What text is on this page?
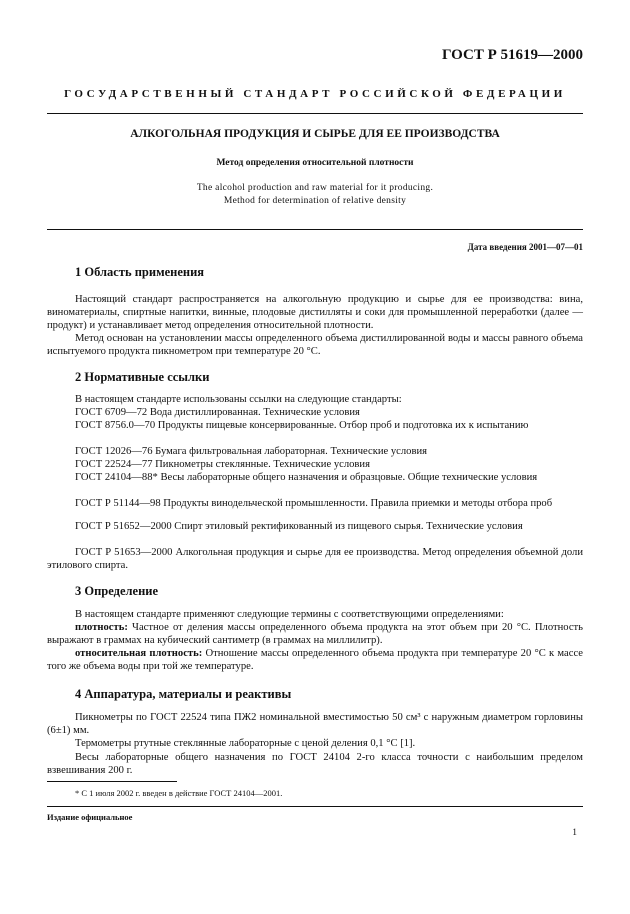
ГОСТ Р 51619—2000
ГОСУДАРСТВЕННЫЙ СТАНДАРТ РОССИЙСКОЙ ФЕДЕРАЦИИ
АЛКОГОЛЬНАЯ ПРОДУКЦИЯ И СЫРЬЕ ДЛЯ ЕЕ ПРОИЗВОДСТВА
Метод определения относительной плотности
The alcohol production and raw material for it producing.
Method for determination of relative density
Дата введения 2001—07—01
1 Область применения
Настоящий стандарт распространяется на алкогольную продукцию и сырье для ее производства: вина, виноматериалы, спиртные напитки, винные, плодовые дистилляты и соки для промышленной переработки (далее — продукт) и устанавливает метод определения относительной плотности.
Метод основан на установлении массы определенного объема дистиллированной воды и массы равного объема испытуемого продукта пикнометром при температуре 20 °С.
2 Нормативные ссылки
В настоящем стандарте использованы ссылки на следующие стандарты:
ГОСТ 6709—72 Вода дистиллированная. Технические условия
ГОСТ 8756.0—70 Продукты пищевые консервированные. Отбор проб и подготовка их к испытанию
ГОСТ 12026—76 Бумага фильтровальная лабораторная. Технические условия
ГОСТ 22524—77 Пикнометры стеклянные. Технические условия
ГОСТ 24104—88* Весы лабораторные общего назначения и образцовые. Общие технические условия
ГОСТ Р 51144—98 Продукты винодельческой промышленности. Правила приемки и методы отбора проб
ГОСТ Р 51652—2000 Спирт этиловый ректификованный из пищевого сырья. Технические условия
ГОСТ Р 51653—2000 Алкогольная продукция и сырье для ее производства. Метод определения объемной доли этилового спирта.
3 Определение
В настоящем стандарте применяют следующие термины с соответствующими определениями:
плотность: Частное от деления массы определенного объема продукта на этот объем при 20 °С. Плотность выражают в граммах на кубический сантиметр (в граммах на миллилитр).
относительная плотность: Отношение массы определенного объема продукта при температуре 20 °С к массе того же объема воды при той же температуре.
4 Аппаратура, материалы и реактивы
Пикнометры по ГОСТ 22524 типа ПЖ2 номинальной вместимостью 50 см³ с наружным диаметром горловины (6±1) мм.
Термометры ртутные стеклянные лабораторные с ценой деления 0,1 °С [1].
Весы лабораторные общего назначения по ГОСТ 24104 2-го класса точности с наибольшим пределом взвешивания 200 г.
* С 1 июля 2002 г. введен в действие ГОСТ 24104—2001.
Издание официальное
1
